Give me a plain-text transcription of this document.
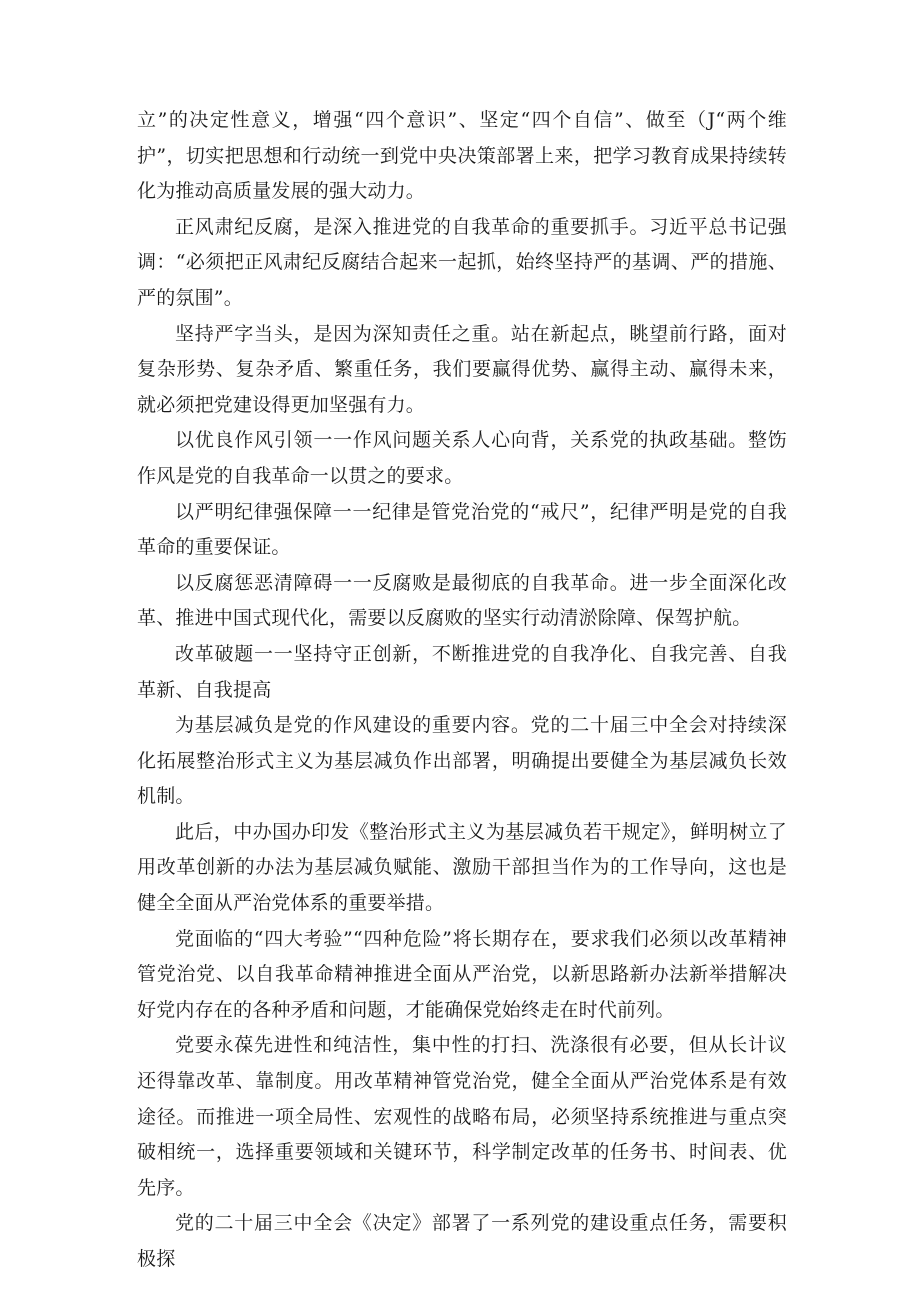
立”的决定性意义，增强“四个意识”、坚定“四个自信”、做至（J“两个维护”，切实把思想和行动统一到党中央决策部署上来，把学习教育成果持续转化为推动高质量发展的强大动力。

正风肃纪反腐，是深入推进党的自我革命的重要抓手。习近平总书记强调：“必须把正风肃纪反腐结合起来一起抓，始终坚持严的基调、严的措施、严的氛围”。

坚持严字当头，是因为深知责任之重。站在新起点，眺望前行路，面对复杂形势、复杂矛盾、繁重任务，我们要赢得优势、赢得主动、赢得未来，就必须把党建设得更加坚强有力。

以优良作风引领一一作风问题关系人心向背，关系党的执政基础。整饬作风是党的自我革命一以贯之的要求。

以严明纪律强保障一一纪律是管党治党的“戒尺”，纪律严明是党的自我革命的重要保证。

以反腐惩恶清障碍一一反腐败是最彻底的自我革命。进一步全面深化改革、推进中国式现代化，需要以反腐败的坚实行动清淤除障、保驾护航。

改革破题一一坚持守正创新，不断推进党的自我净化、自我完善、自我革新、自我提高

为基层减负是党的作风建设的重要内容。党的二十届三中全会对持续深化拓展整治形式主义为基层减负作出部署，明确提出要健全为基层减负长效机制。

此后，中办国办印发《整治形式主义为基层减负若干规定》，鲜明树立了用改革创新的办法为基层减负赋能、激励干部担当作为的工作导向，这也是健全全面从严治党体系的重要举措。

党面临的“四大考验”“四种危险”将长期存在，要求我们必须以改革精神管党治党、以自我革命精神推进全面从严治党，以新思路新办法新举措解决好党内存在的各种矛盾和问题，才能确保党始终走在时代前列。

党要永葆先进性和纯洁性，集中性的打扫、洗涤很有必要，但从长计议还得靠改革、靠制度。用改革精神管党治党，健全全面从严治党体系是有效途径。而推进一项全局性、宏观性的战略布局，必须坚持系统推进与重点突破相统一，选择重要领域和关键环节，科学制定改革的任务书、时间表、优先序。

党的二十届三中全会《决定》部署了一系列党的建设重点任务，需要积极探
